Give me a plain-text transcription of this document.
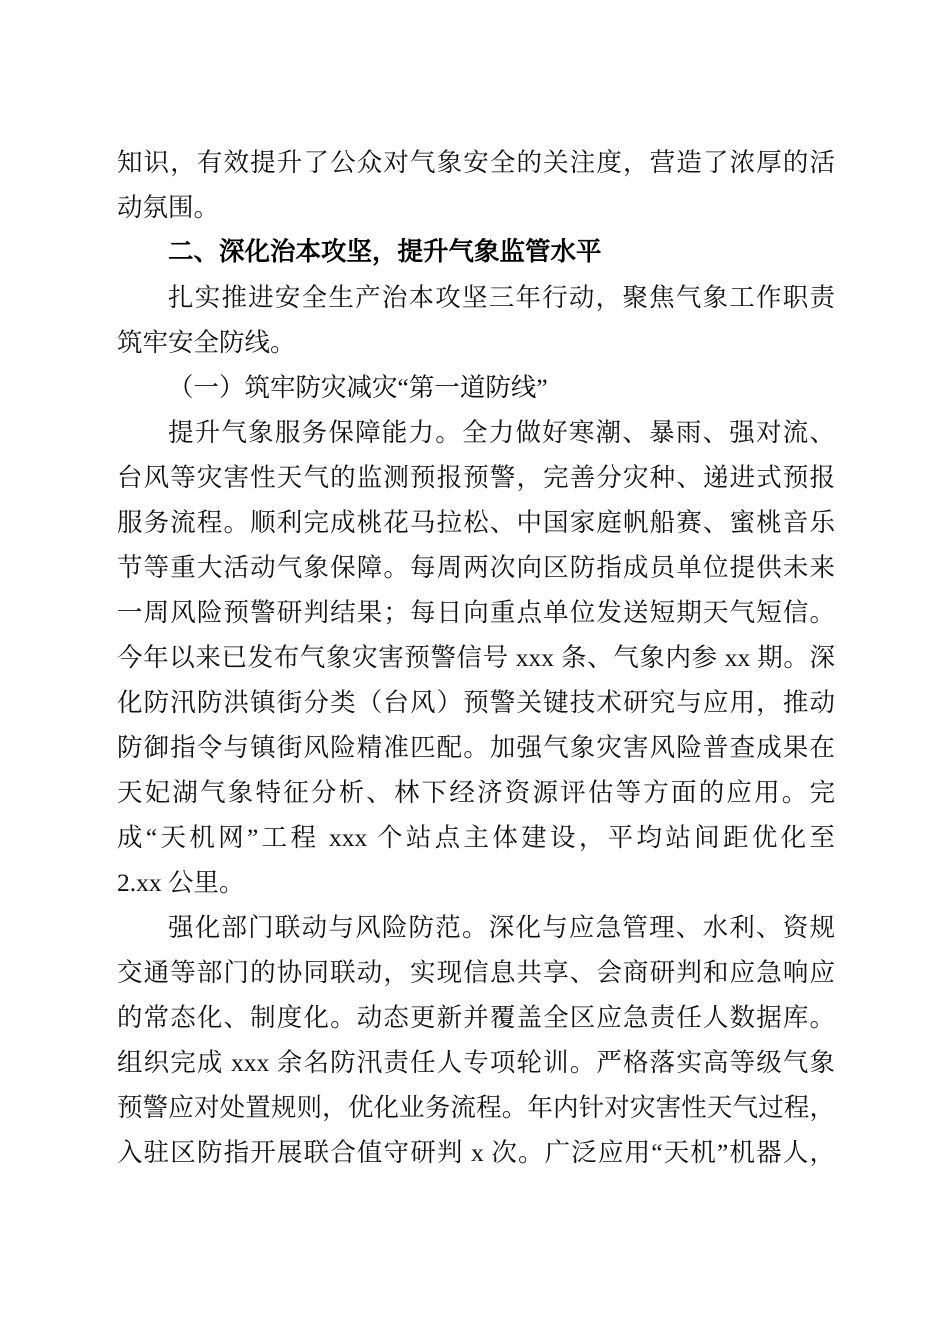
知识，有效提升了公众对气象安全的关注度，营造了浓厚的活
动氛围。
二、深化治本攻坚，提升气象监管水平
扎实推进安全生产治本攻坚三年行动，聚焦气象工作职责
筑牢安全防线。
（一）筑牢防灾减灾“第一道防线”
提升气象服务保障能力。全力做好寒潮、暴雨、强对流、
台风等灾害性天气的监测预报预警，完善分灾种、递进式预报
服务流程。顺利完成桃花马拉松、中国家庭帆船赛、蜜桃音乐
节等重大活动气象保障。每周两次向区防指成员单位提供未来
一周风险预警研判结果；每日向重点单位发送短期天气短信。
今年以来已发布气象灾害预警信号 xxx 条、气象内参 xx 期。深
化防汛防洪镇街分类（台风）预警关键技术研究与应用，推动
防御指令与镇街风险精准匹配。加强气象灾害风险普查成果在
天妃湖气象特征分析、林下经济资源评估等方面的应用。完
成“天机网”工程 xxx 个站点主体建设，平均站间距优化至
2.xx 公里。
强化部门联动与风险防范。深化与应急管理、水利、资规
交通等部门的协同联动，实现信息共享、会商研判和应急响应
的常态化、制度化。动态更新并覆盖全区应急责任人数据库。
组织完成 xxx 余名防汛责任人专项轮训。严格落实高等级气象
预警应对处置规则，优化业务流程。年内针对灾害性天气过程，
入驻区防指开展联合值守研判 x 次。广泛应用“天机”机器人，
